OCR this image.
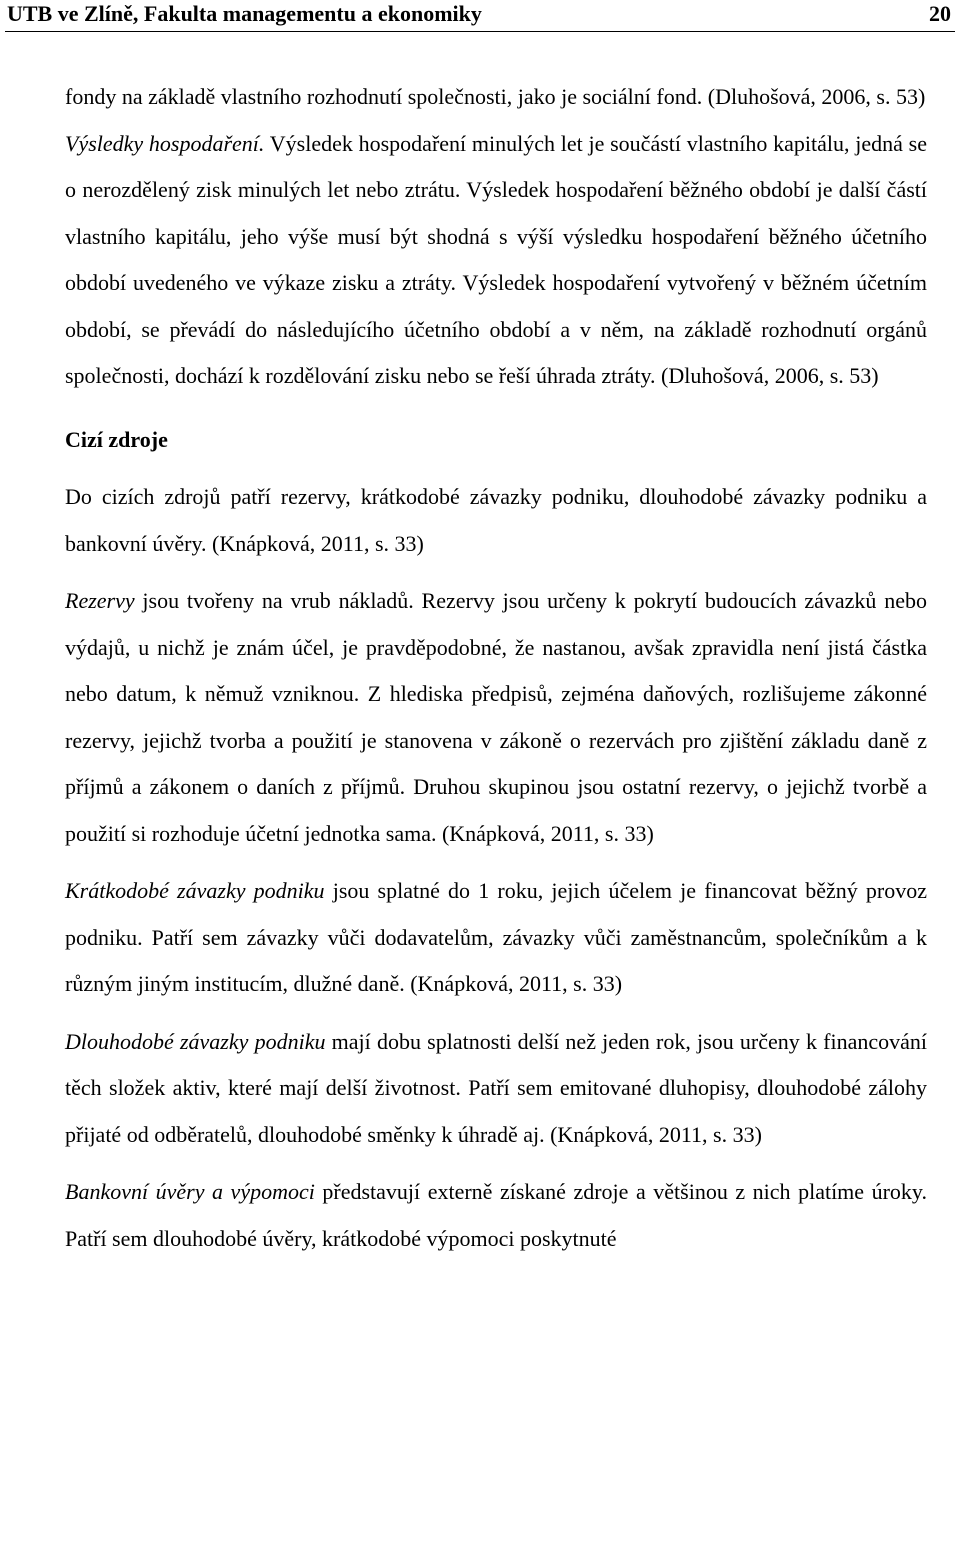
UTB ve Zlíně, Fakulta managementu a ekonomiky	20

fondy na základě vlastního rozhodnutí společnosti, jako je sociální fond. (Dluhošová, 2006, s. 53)

Výsledky hospodaření. Výsledek hospodaření minulých let je součástí vlastního kapitálu, jedná se o nerozdělený zisk minulých let nebo ztrátu. Výsledek hospodaření běžného období je další částí vlastního kapitálu, jeho výše musí být shodná s výší výsledku hospodaření běžného účetního období uvedeného ve výkaze zisku a ztráty. Výsledek hospodaření vytvořený v běžném účetním období, se převádí do následujícího účetního období a v něm, na základě rozhodnutí orgánů společnosti, dochází k rozdělování zisku nebo se řeší úhrada ztráty. (Dluhošová, 2006, s. 53)

Cizí zdroje

Do cizích zdrojů patří rezervy, krátkodobé závazky podniku, dlouhodobé závazky podniku a bankovní úvěry. (Knápková, 2011, s. 33)

Rezervy jsou tvořeny na vrub nákladů. Rezervy jsou určeny k pokrytí budoucích závazků nebo výdajů, u nichž je znám účel, je pravděpodobné, že nastanou, avšak zpravidla není jistá částka nebo datum, k němuž vzniknou. Z hlediska předpisů, zejména daňových, rozlišujeme zákonné rezervy, jejichž tvorba a použití je stanovena v zákoně o rezervách pro zjištění základu daně z příjmů a zákonem o daních z příjmů. Druhou skupinou jsou ostatní rezervy, o jejichž tvorbě a použití si rozhoduje účetní jednotka sama. (Knápková, 2011, s. 33)

Krátkodobé závazky podniku jsou splatné do 1 roku, jejich účelem je financovat běžný provoz podniku. Patří sem závazky vůči dodavatelům, závazky vůči zaměstnancům, společníkům a k různým jiným institucím, dlužné daně. (Knápková, 2011, s. 33)

Dlouhodobé závazky podniku mají dobu splatnosti delší než jeden rok, jsou určeny k financování těch složek aktiv, které mají delší životnost. Patří sem emitované dluhopisy, dlouhodobé zálohy přijaté od odběratelů, dlouhodobé směnky k úhradě aj. (Knápková, 2011, s. 33)

Bankovní úvěry a výpomoci představují externě získané zdroje a většinou z nich platíme úroky. Patří sem dlouhodobé úvěry, krátkodobé výpomoci poskytnuté
